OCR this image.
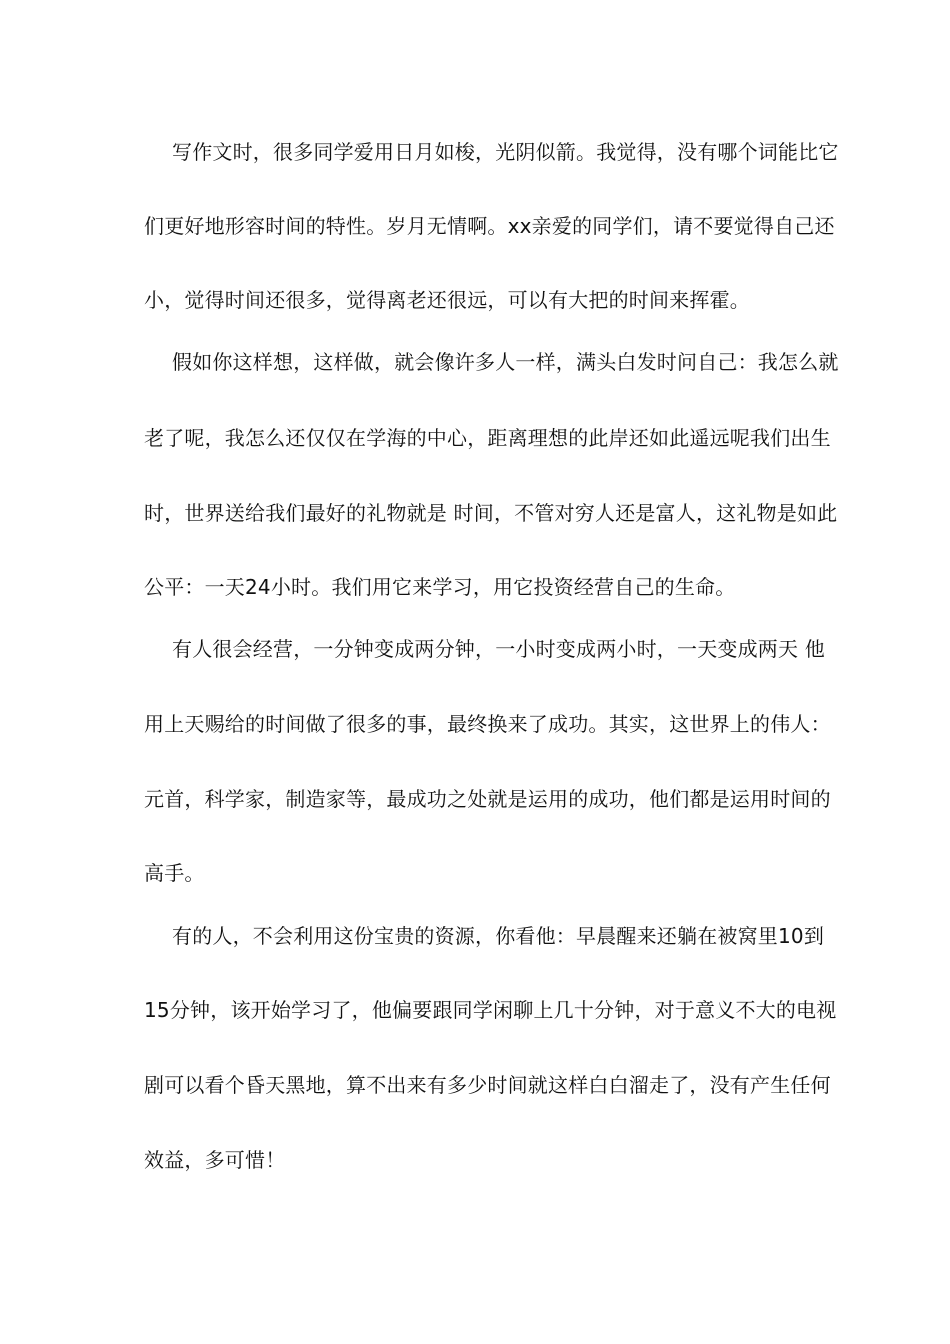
写作文时，很多同学爱用日月如梭，光阴似箭。我觉得，没有哪个词能比它
们更好地形容时间的特性。岁月无情啊。xx亲爱的同学们，请不要觉得自己还
小，觉得时间还很多，觉得离老还很远，可以有大把的时间来挥霍。
假如你这样想，这样做，就会像许多人一样，满头白发时问自己：我怎么就
老了呢，我怎么还仅仅在学海的中心，距离理想的此岸还如此遥远呢我们出生
时，世界送给我们最好的礼物就是 时间，不管对穷人还是富人，这礼物是如此
公平：一天24小时。我们用它来学习，用它投资经营自己的生命。
有人很会经营，一分钟变成两分钟，一小时变成两小时，一天变成两天 他
用上天赐给的时间做了很多的事，最终换来了成功。其实，这世界上的伟人：
元首，科学家，制造家等，最成功之处就是运用的成功，他们都是运用时间的
高手。
有的人，不会利用这份宝贵的资源，你看他：早晨醒来还躺在被窝里10到
15分钟，该开始学习了，他偏要跟同学闲聊上几十分钟，对于意义不大的电视
剧可以看个昏天黑地，算不出来有多少时间就这样白白溜走了，没有产生任何
效益，多可惜！
